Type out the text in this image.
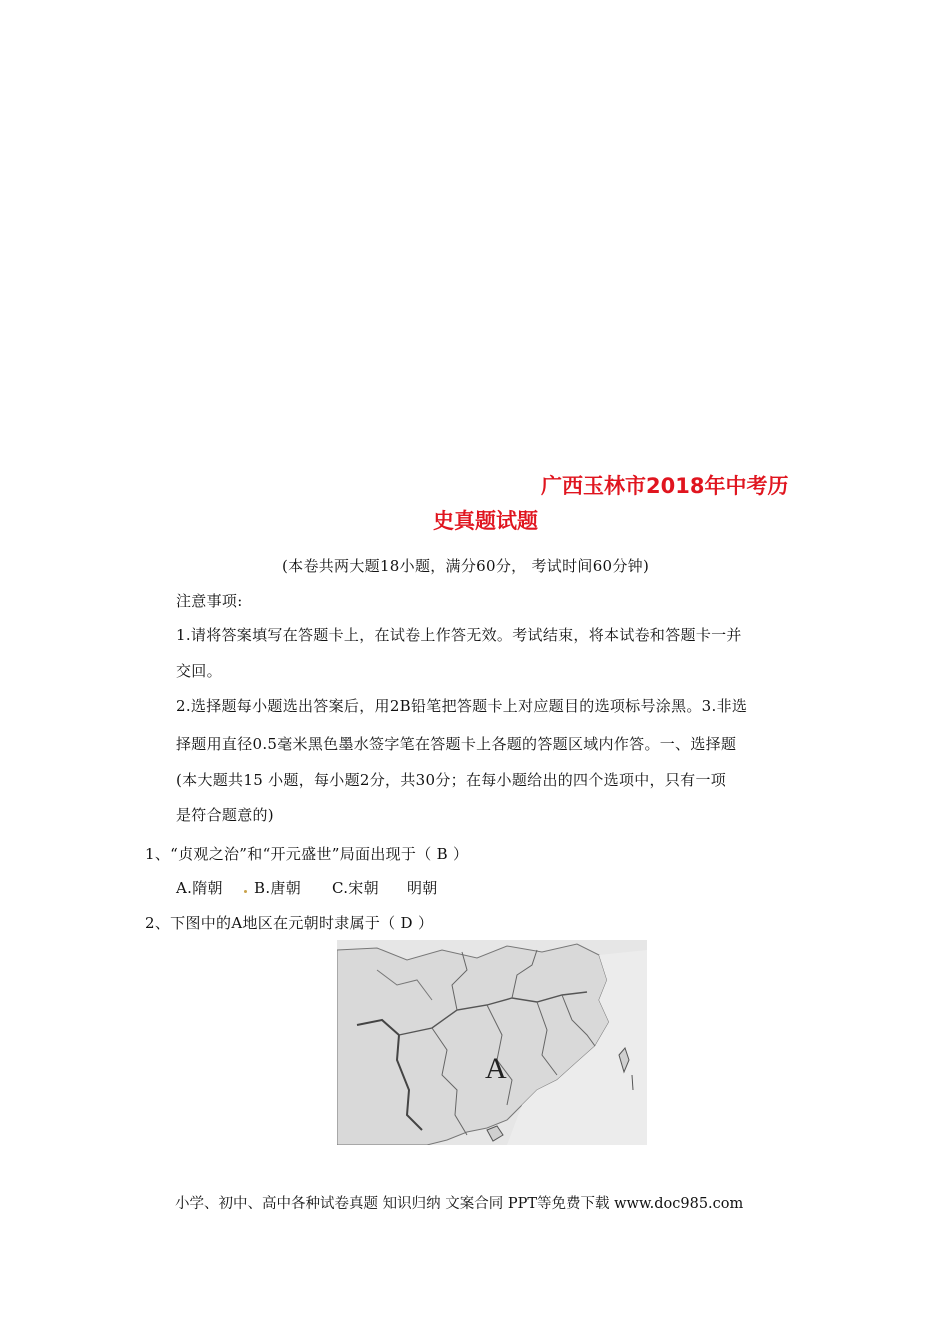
广西玉林市2018年中考历
史真题试题
(本卷共两大题18小题，满分60分， 考试时间60分钟)
注意事项:
1.请将答案填写在答题卡上，在试卷上作答无效。考试结束，将本试卷和答题卡一并
交回。
2.选择题每小题选出答案后，用2B铅笔把答题卡上对应题目的选项标号涂黑。3.非选
择题用直径0.5毫米黑色墨水签字笔在答题卡上各题的答题区域内作答。一、选择题
(本大题共15 小题，每小题2分，共30分；在每小题给出的四个选项中，只有一项
是符合题意的)
1、“贞观之治”和“开元盛世”局面出现于（ B ）
A.隋朝 B.唐朝 C.宋朝 明朝
2、下图中的A地区在元朝时隶属于（ D ）
A
小学、初中、高中各种试卷真题 知识归纳 文案合同 PPT等免费下载 www.doc985.com
